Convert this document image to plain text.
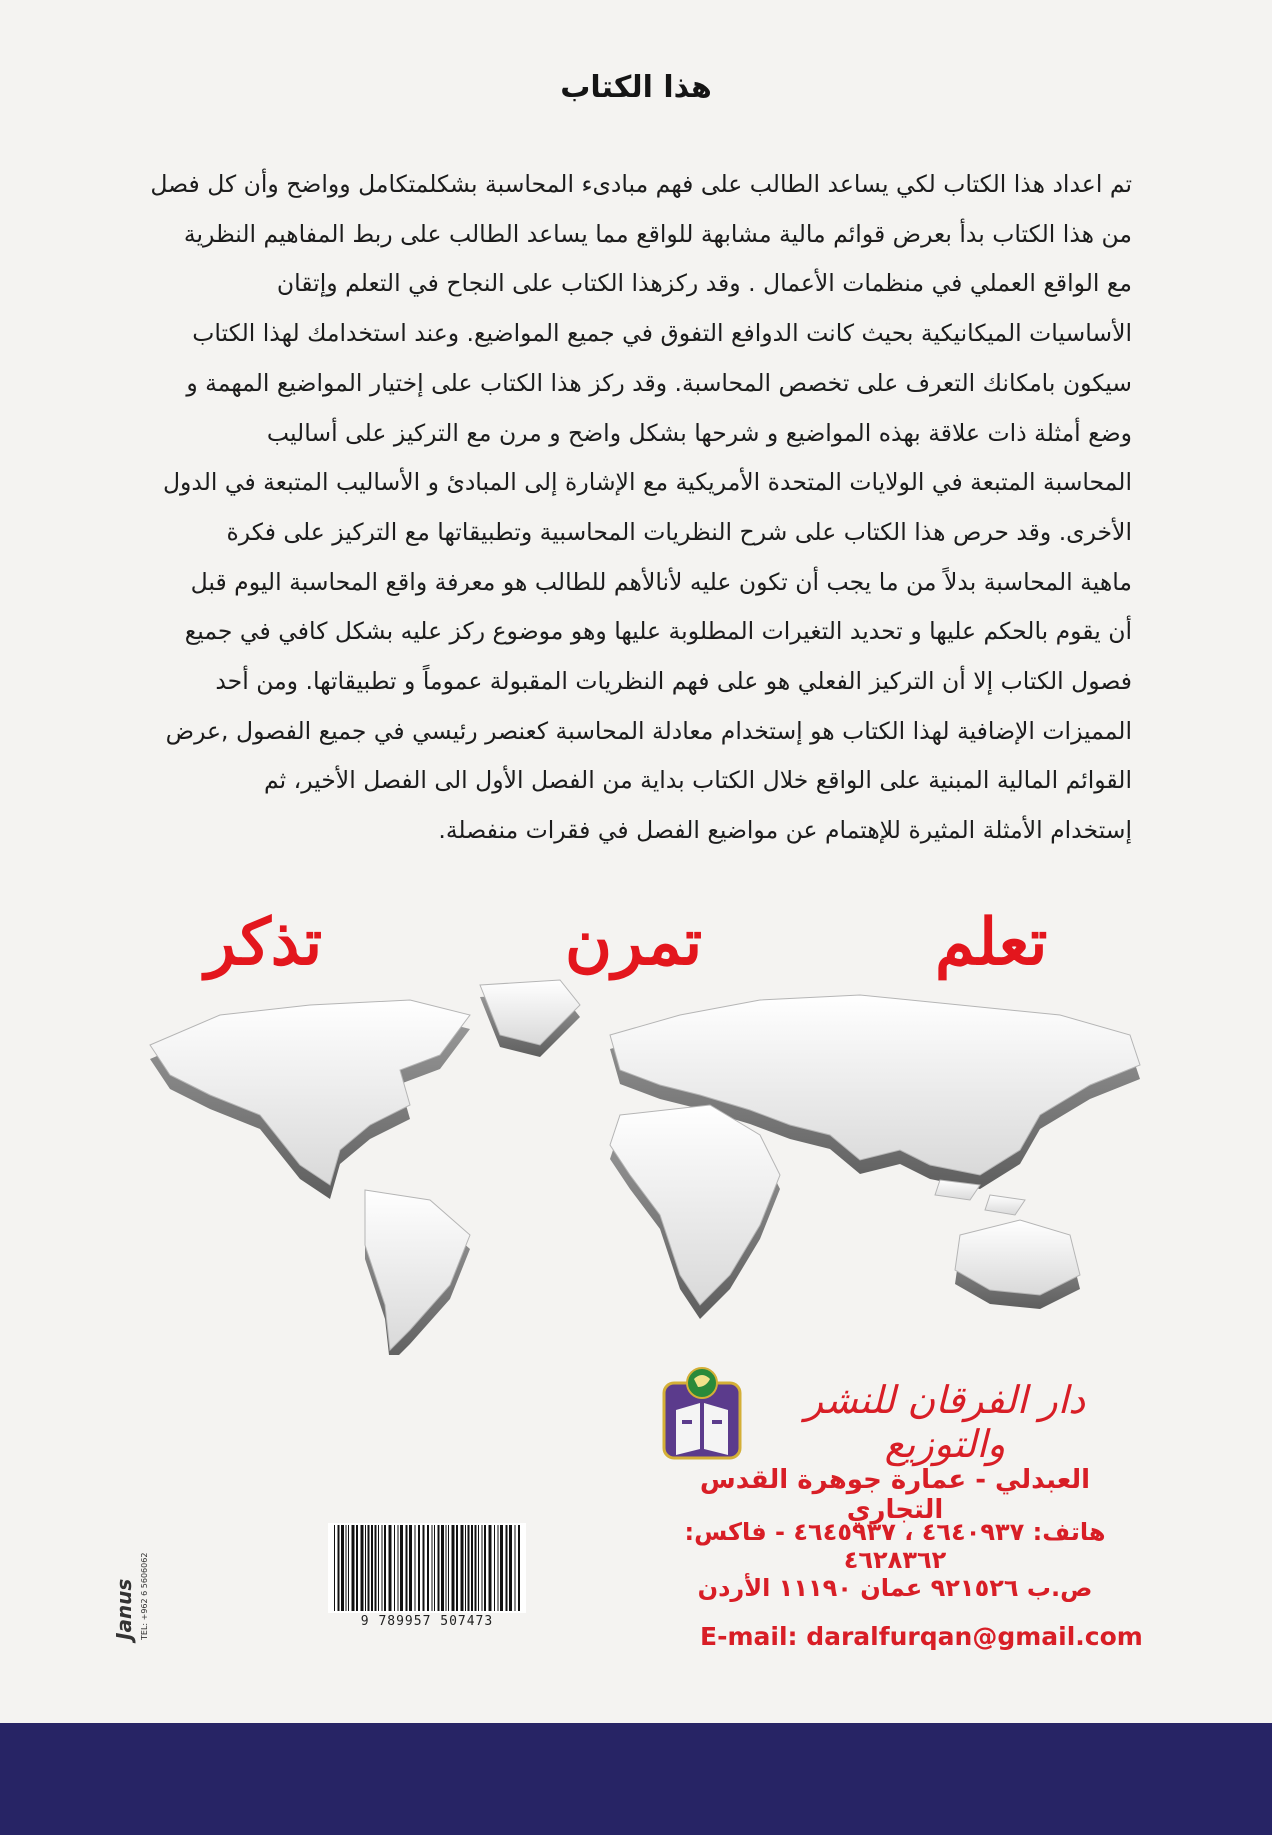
هذا الكتاب

تم اعداد هذا الكتاب لكي يساعد الطالب على فهم مبادىء المحاسبة بشكلمتكامل وواضح وأن كل فصل
من هذا الكتاب بدأ بعرض قوائم مالية مشابهة للواقع مما يساعد الطالب على ربط المفاهيم النظرية
مع الواقع العملي في منظمات الأعمال . وقد ركزهذا الكتاب على النجاح في التعلم وإتقان
الأساسيات الميكانيكية بحيث كانت الدوافع التفوق في جميع المواضيع. وعند استخدامك لهذا الكتاب
سيكون بامكانك التعرف على تخصص المحاسبة. وقد ركز هذا الكتاب على إختيار المواضيع المهمة و
وضع أمثلة ذات علاقة بهذه المواضيع و شرحها بشكل واضح و مرن مع التركيز على أساليب
المحاسبة المتبعة في الولايات المتحدة الأمريكية مع الإشارة إلى المبادئ و الأساليب المتبعة في الدول
الأخرى. وقد حرص هذا الكتاب على شرح النظريات المحاسبية وتطبيقاتها مع التركيز على فكرة
ماهية المحاسبة بدلاً من ما يجب أن تكون عليه لأنالأهم للطالب هو معرفة واقع المحاسبة اليوم قبل
أن يقوم بالحكم عليها و تحديد التغيرات المطلوبة عليها وهو موضوع ركز عليه بشكل كافي في جميع
فصول الكتاب إلا أن التركيز الفعلي هو على فهم النظريات المقبولة عموماً و تطبيقاتها. ومن أحد
المميزات الإضافية لهذا الكتاب هو إستخدام معادلة المحاسبة كعنصر رئيسي في جميع الفصول ,عرض
القوائم المالية المبنية على الواقع خلال الكتاب بداية من الفصل الأول الى الفصل الأخير، ثم
إستخدام الأمثلة المثيرة للإهتمام عن مواضيع الفصل في فقرات منفصلة.

تعلم
تمرن
تذكر
دار الفرقان للنشر والتوزيع
العبدلي - عمارة جوهرة القدس التجاري
هاتف: ٤٦٤٠٩٣٧ ، ٤٦٤٥٩٣٧ - فاكس: ٤٦٢٨٣٦٢
ص.ب ٩٢١٥٢٦ عمان ١١١٩٠ الأردن
E-mail: daralfurqan@gmail.com
9 789957 507473
Janus TEL: +962 6 5606062
